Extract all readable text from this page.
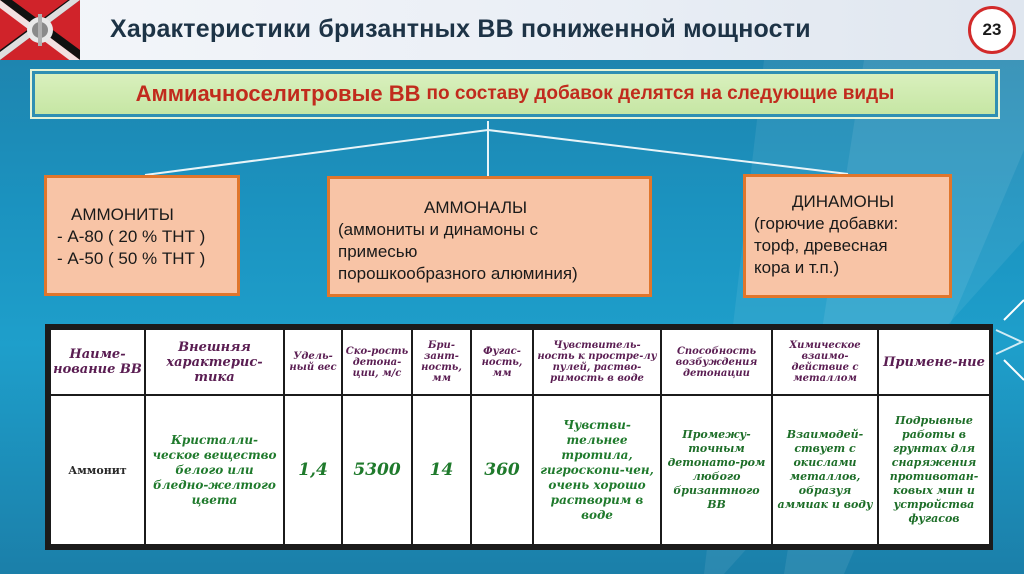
Характеристики бризантных ВВ пониженной мощности	23
Аммиачноселитровые ВВ по составу добавок делятся на следующие виды
АММОНИТЫ
- А-80 ( 20 % ТНТ )
- А-50 ( 50 % ТНТ )
АММОНАЛЫ
(аммониты и динамоны с
примесью
порошкообразного алюминия)
ДИНАМОНЫ
(горючие добавки:
торф, древесная
кора и т.п.)
Наиме-нование ВВ	Внешняя характерис-тика	Удель-ный вес	Ско-рость детона-ции, м/с	Бри-зант-ность, мм	Фугас-ность, мм	Чувствитель-ность к простре-лу пулей, раство-римость в воде	Способность возбуждения детонации	Химическое взаимо-действие с металлом	Примене-ние
Аммонит	Кристалли-ческое вещество белого или бледно-желтого цвета	1,4	5300	14	360	Чувстви-тельнее тротила, гигроскопи-чен, очень хорошо растворим в воде	Промежу-точным детонато-ром любого бризантного ВВ	Взаимодей-ствует с окислами металлов, образуя аммиак и воду	Подрывные работы в грунтах для снаряжения противотан-ковых мин и устройства фугасов
